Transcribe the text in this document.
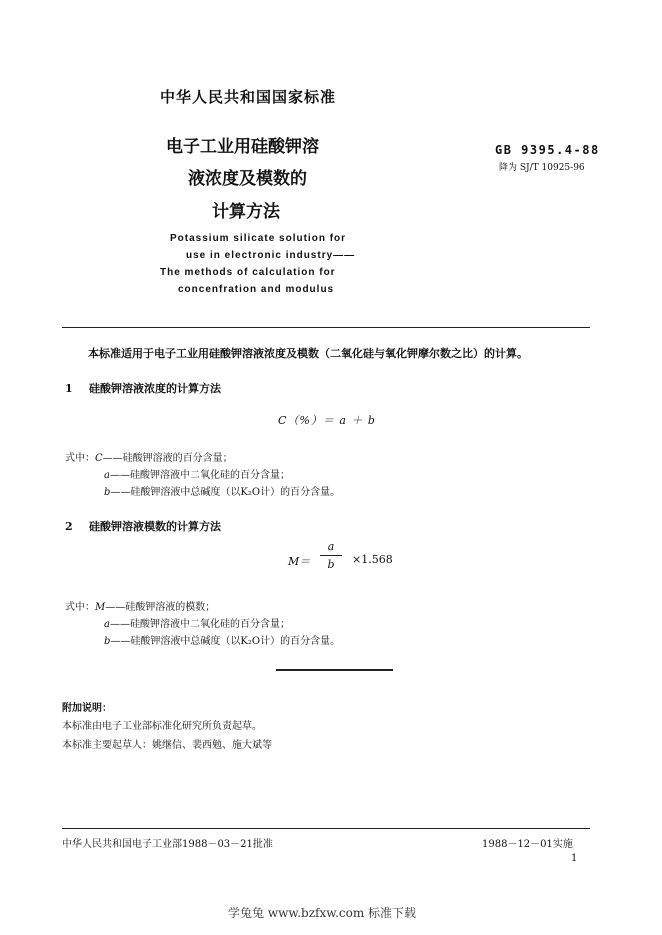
中华人民共和国国家标准
电子工业用硅酸钾溶
液浓度及模数的
计算方法
GB 9395.4-88
降为 SJ/T 10925-96
Potassium silicate solution for
use in electronic industry——
The methods of calculation for
concenfration and modulus
本标准适用于电子工业用硅酸钾溶液浓度及模数（二氧化硅与氧化钾摩尔数之比）的计算。
1 硅酸钾溶液浓度的计算方法
C（%）＝ a ＋ b
式中：C——硅酸钾溶液的百分含量；
a——硅酸钾溶液中二氧化硅的百分含量；
b——硅酸钾溶液中总碱度（以K₂O计）的百分含量。
2 硅酸钾溶液模数的计算方法
M＝
a
b	×1.568
式中：M——硅酸钾溶液的模数；
a——硅酸钾溶液中二氧化硅的百分含量；
b——硅酸钾溶液中总碱度（以K₂O计）的百分含量。
附加说明：
本标准由电子工业部标准化研究所负责起草。
本标准主要起草人：姚继信、裴西勉、施大斌等
中华人民共和国电子工业部1988－03－21批准	1988－12－01实施
1
学兔兔 www.bzfxw.com 标准下载
